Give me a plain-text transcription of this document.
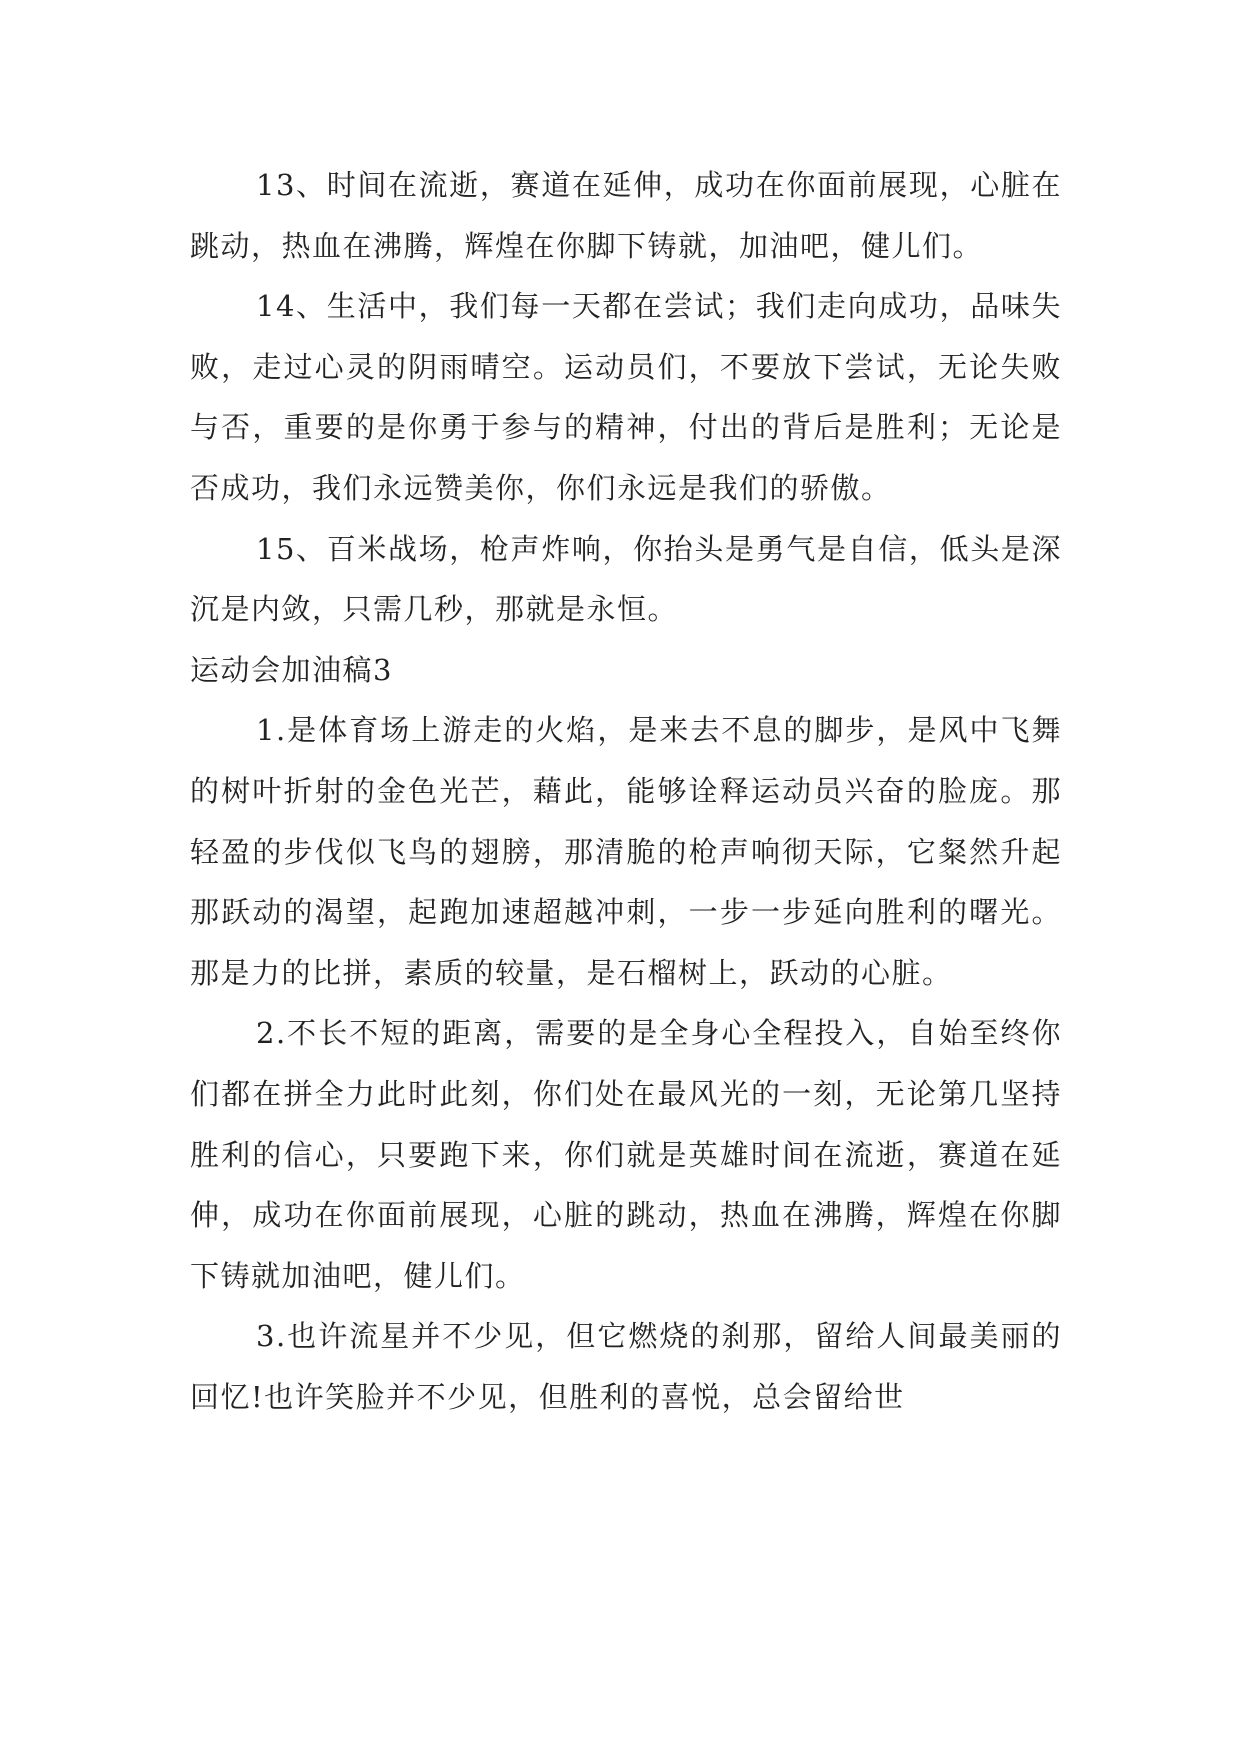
13、时间在流逝，赛道在延伸，成功在你面前展现，心脏在跳动，热血在沸腾，辉煌在你脚下铸就，加油吧，健儿们。

14、生活中，我们每一天都在尝试；我们走向成功，品味失败，走过心灵的阴雨晴空。运动员们，不要放下尝试，无论失败与否，重要的是你勇于参与的精神，付出的背后是胜利；无论是否成功，我们永远赞美你，你们永远是我们的骄傲。

15、百米战场，枪声炸响，你抬头是勇气是自信，低头是深沉是内敛，只需几秒，那就是永恒。

运动会加油稿3

1.是体育场上游走的火焰，是来去不息的脚步，是风中飞舞的树叶折射的金色光芒，藉此，能够诠释运动员兴奋的脸庞。那轻盈的步伐似飞鸟的翅膀，那清脆的枪声响彻天际，它粲然升起那跃动的渴望，起跑加速超越冲刺，一步一步延向胜利的曙光。那是力的比拼，素质的较量，是石榴树上，跃动的心脏。

2.不长不短的距离，需要的是全身心全程投入，自始至终你们都在拼全力此时此刻，你们处在最风光的一刻，无论第几坚持胜利的信心，只要跑下来，你们就是英雄时间在流逝，赛道在延伸，成功在你面前展现，心脏的跳动，热血在沸腾，辉煌在你脚下铸就加油吧，健儿们。

3.也许流星并不少见，但它燃烧的刹那，留给人间最美丽的回忆!也许笑脸并不少见，但胜利的喜悦，总会留给世
